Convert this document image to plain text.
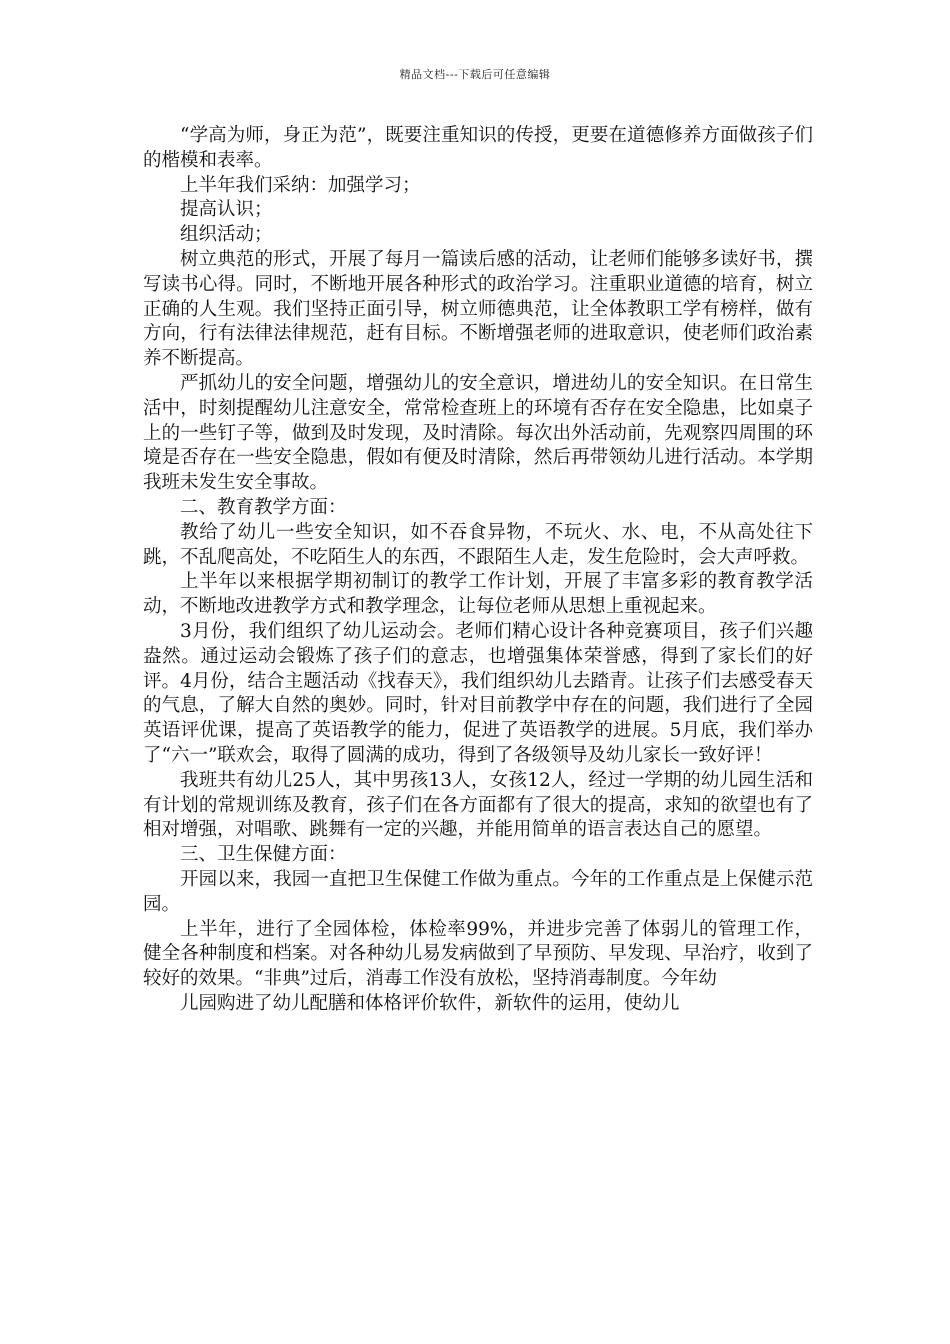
精品文档---下载后可任意编辑

“学高为师，身正为范”，既要注重知识的传授，更要在道德修养方面做孩子们的楷模和表率。

上半年我们采纳：加强学习；

提高认识；

组织活动；

树立典范的形式，开展了每月一篇读后感的活动，让老师们能够多读好书，撰写读书心得。同时，不断地开展各种形式的政治学习。注重职业道德的培育，树立正确的人生观。我们坚持正面引导，树立师德典范，让全体教职工学有榜样，做有方向，行有法律法律规范，赶有目标。不断增强老师的进取意识，使老师们政治素养不断提高。

严抓幼儿的安全问题，增强幼儿的安全意识，增进幼儿的安全知识。在日常生活中，时刻提醒幼儿注意安全，常常检查班上的环境有否存在安全隐患，比如桌子上的一些钉子等，做到及时发现，及时清除。每次出外活动前，先观察四周围的环境是否存在一些安全隐患，假如有便及时清除，然后再带领幼儿进行活动。本学期我班未发生安全事故。

二、教育教学方面：

教给了幼儿一些安全知识，如不吞食异物，不玩火、水、电，不从高处往下跳，不乱爬高处，不吃陌生人的东西，不跟陌生人走，发生危险时，会大声呼救。

上半年以来根据学期初制订的教学工作计划，开展了丰富多彩的教育教学活动，不断地改进教学方式和教学理念，让每位老师从思想上重视起来。

3月份，我们组织了幼儿运动会。老师们精心设计各种竞赛项目，孩子们兴趣盎然。通过运动会锻炼了孩子们的意志，也增强集体荣誉感，得到了家长们的好评。4月份，结合主题活动《找春天》，我们组织幼儿去踏青。让孩子们去感受春天的气息，了解大自然的奥妙。同时，针对目前教学中存在的问题，我们进行了全园英语评优课，提高了英语教学的能力，促进了英语教学的进展。5月底，我们举办了“六一”联欢会，取得了圆满的成功，得到了各级领导及幼儿家长一致好评！

我班共有幼儿25人，其中男孩13人，女孩12人，经过一学期的幼儿园生活和有计划的常规训练及教育，孩子们在各方面都有了很大的提高，求知的欲望也有了相对增强，对唱歌、跳舞有一定的兴趣，并能用简单的语言表达自己的愿望。

三、卫生保健方面：

开园以来，我园一直把卫生保健工作做为重点。今年的工作重点是上保健示范园。

上半年，进行了全园体检，体检率99%，并进步完善了体弱儿的管理工作，健全各种制度和档案。对各种幼儿易发病做到了早预防、早发现、早治疗，收到了较好的效果。“非典”过后，消毒工作没有放松，坚持消毒制度。今年幼

儿园购进了幼儿配膳和体格评价软件，新软件的运用，使幼儿
